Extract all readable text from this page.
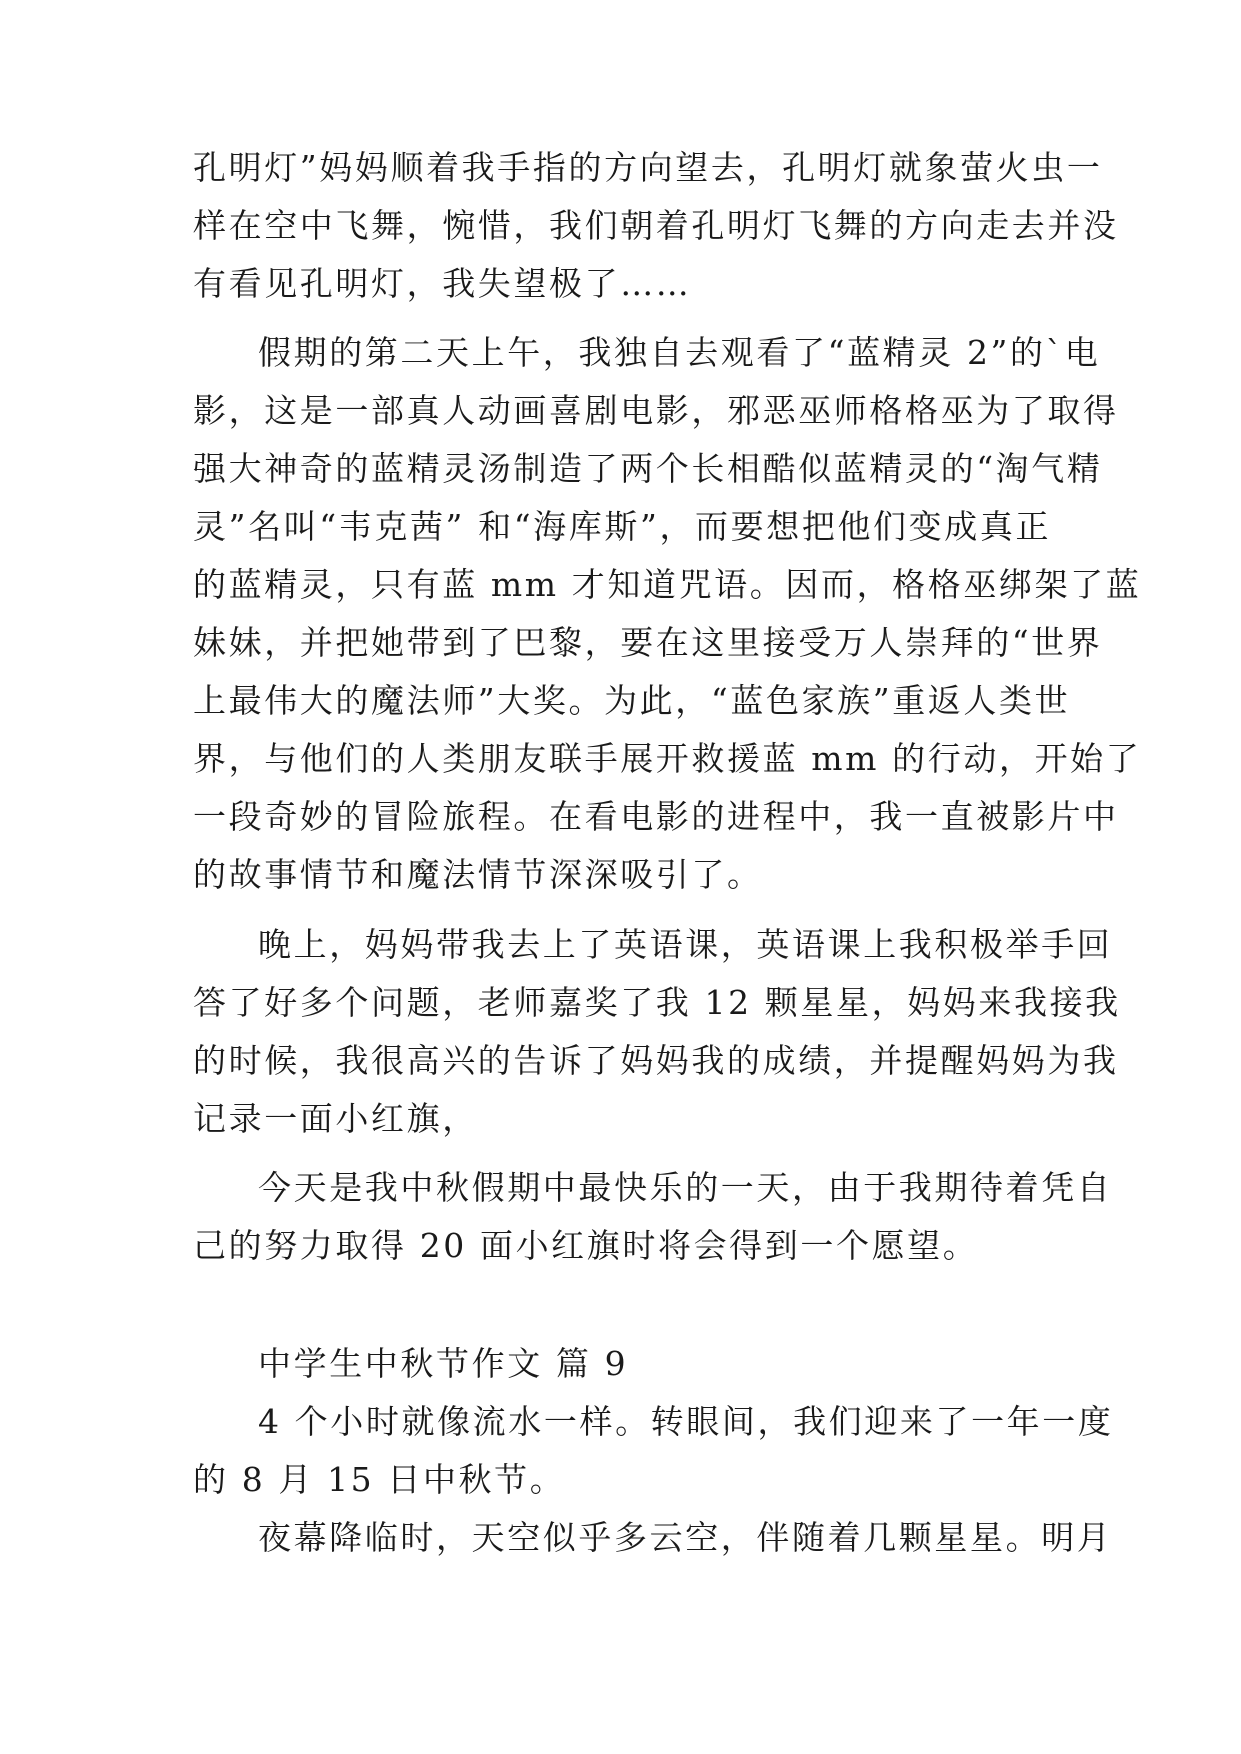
孔明灯”妈妈顺着我手指的方向望去，孔明灯就象萤火虫一
样在空中飞舞，惋惜，我们朝着孔明灯飞舞的方向走去并没
有看见孔明灯，我失望极了……
假期的第二天上午，我独自去观看了“蓝精灵 2”的`电
影，这是一部真人动画喜剧电影，邪恶巫师格格巫为了取得
强大神奇的蓝精灵汤制造了两个长相酷似蓝精灵的“淘气精
灵”名叫“韦克茜” 和“海库斯”，而要想把他们变成真正
的蓝精灵，只有蓝 mm 才知道咒语。因而，格格巫绑架了蓝
妹妹，并把她带到了巴黎，要在这里接受万人崇拜的“世界
上最伟大的魔法师”大奖。为此，“蓝色家族”重返人类世
界，与他们的人类朋友联手展开救援蓝 mm 的行动，开始了
一段奇妙的冒险旅程。在看电影的进程中，我一直被影片中
的故事情节和魔法情节深深吸引了。
晚上，妈妈带我去上了英语课，英语课上我积极举手回
答了好多个问题，老师嘉奖了我 12 颗星星，妈妈来我接我
的时候，我很高兴的告诉了妈妈我的成绩，并提醒妈妈为我
记录一面小红旗，
今天是我中秋假期中最快乐的一天，由于我期待着凭自
己的努力取得 20 面小红旗时将会得到一个愿望。
中学生中秋节作文 篇 9
4 个小时就像流水一样。转眼间，我们迎来了一年一度
的 8 月 15 日中秋节。
夜幕降临时，天空似乎多云空，伴随着几颗星星。明月
